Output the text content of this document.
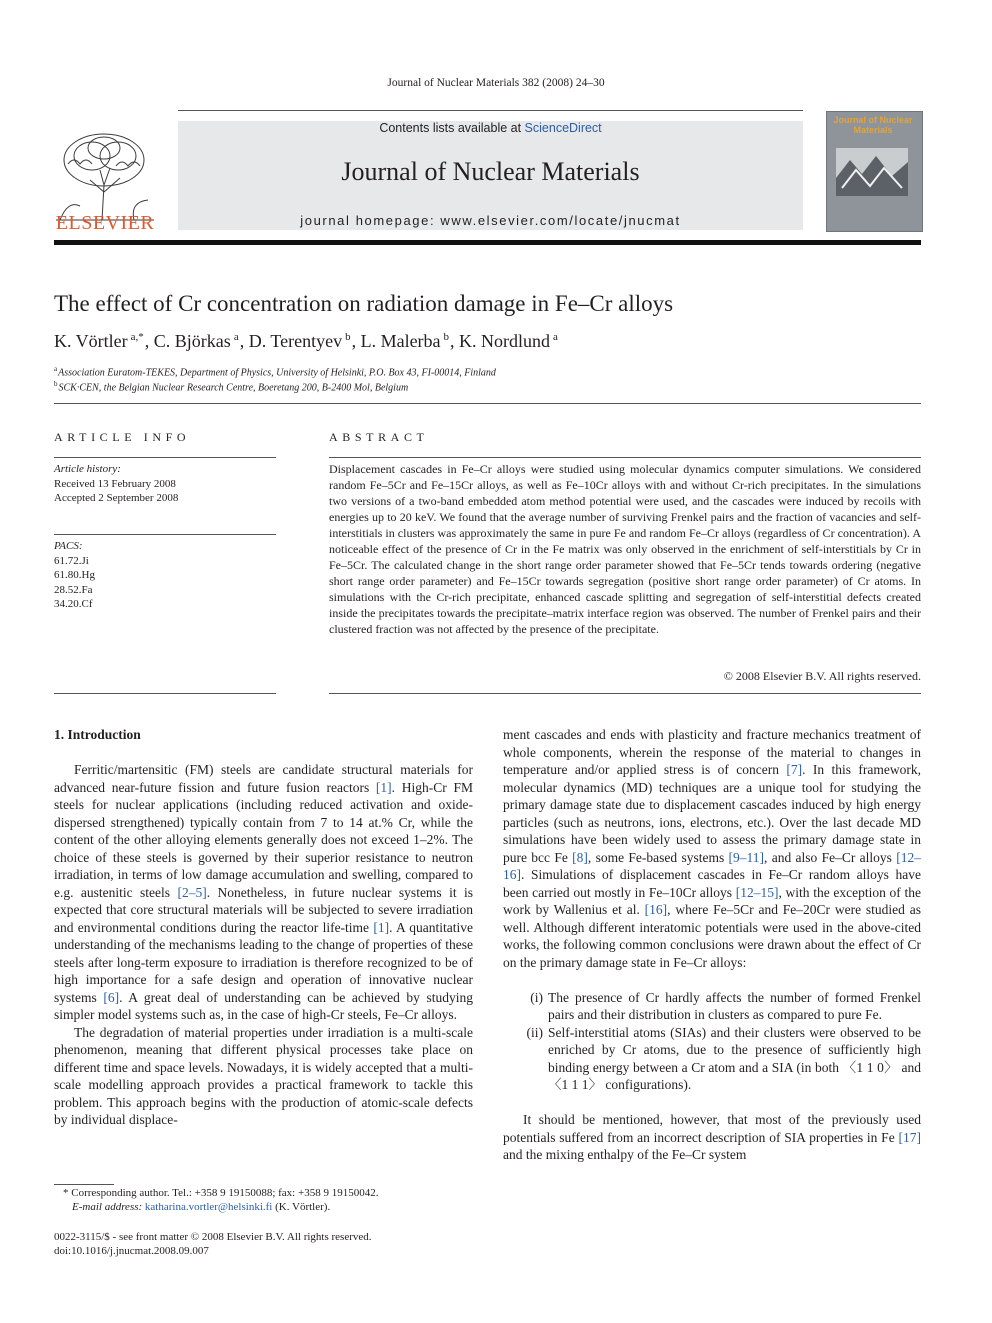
Journal of Nuclear Materials 382 (2008) 24–30
ELSEVIER
Contents lists available at ScienceDirect
Journal of Nuclear Materials
journal homepage: www.elsevier.com/locate/jnucmat
Journal of Nuclear Materials
The effect of Cr concentration on radiation damage in Fe–Cr alloys
K. Vörtler $^{a,*}$, C. Björkas $^a$, D. Terentyev $^b$, L. Malerba $^b$, K. Nordlund $^a$
$^a$Association Euratom-TEKES, Department of Physics, University of Helsinki, P.O. Box 43, FI-00014, Finland
$^b$SCK·CEN, the Belgian Nuclear Research Centre, Boeretang 200, B-2400 Mol, Belgium
ARTICLE INFO	ABSTRACT
Article history:
Received 13 February 2008
Accepted 2 September 2008
PACS:
61.72.Ji
61.80.Hg
28.52.Fa
34.20.Cf
Displacement cascades in Fe–Cr alloys were studied using molecular dynamics computer simulations. We considered random Fe–5Cr and Fe–15Cr alloys, as well as Fe–10Cr alloys with and without Cr-rich precipitates. In the simulations two versions of a two-band embedded atom method potential were used, and the cascades were induced by recoils with energies up to 20 keV. We found that the average number of surviving Frenkel pairs and the fraction of vacancies and self-interstitials in clusters was approximately the same in pure Fe and random Fe–Cr alloys (regardless of Cr concentration). A noticeable effect of the presence of Cr in the Fe matrix was only observed in the enrichment of self-interstitials by Cr in Fe–5Cr. The calculated change in the short range order parameter showed that Fe–5Cr tends towards ordering (negative short range order parameter) and Fe–15Cr towards segregation (positive short range order parameter) of Cr atoms. In simulations with the Cr-rich precipitate, enhanced cascade splitting and segregation of self-interstitial defects created inside the precipitates towards the precipitate–matrix interface region was observed. The number of Frenkel pairs and their clustered fraction was not affected by the presence of the precipitate.
© 2008 Elsevier B.V. All rights reserved.
1. Introduction

Ferritic/martensitic (FM) steels are candidate structural materials for advanced near-future fission and future fusion reactors [1]. High-Cr FM steels for nuclear applications (including reduced activation and oxide-dispersed strengthened) typically contain from 7 to 14 at.% Cr, while the content of the other alloying elements generally does not exceed 1–2%. The choice of these steels is governed by their superior resistance to neutron irradiation, in terms of low damage accumulation and swelling, compared to e.g. austenitic steels [2–5]. Nonetheless, in future nuclear systems it is expected that core structural materials will be subjected to severe irradiation and environmental conditions during the reactor life-time [1]. A quantitative understanding of the mechanisms leading to the change of properties of these steels after long-term exposure to irradiation is therefore recognized to be of high importance for a safe design and operation of innovative nuclear systems [6]. A great deal of understanding can be achieved by studying simpler model systems such as, in the case of high-Cr steels, Fe–Cr alloys.

The degradation of material properties under irradiation is a multi-scale phenomenon, meaning that different physical processes take place on different time and space levels. Nowadays, it is widely accepted that a multi-scale modelling approach provides a practical framework to tackle this problem. This approach begins with the production of atomic-scale defects by individual displace-

ment cascades and ends with plasticity and fracture mechanics treatment of whole components, wherein the response of the material to changes in temperature and/or applied stress is of concern [7]. In this framework, molecular dynamics (MD) techniques are a unique tool for studying the primary damage state due to displacement cascades induced by high energy particles (such as neutrons, ions, electrons, etc.). Over the last decade MD simulations have been widely used to assess the primary damage state in pure bcc Fe [8], some Fe-based systems [9–11], and also Fe–Cr alloys [12–16]. Simulations of displacement cascades in Fe–Cr random alloys have been carried out mostly in Fe–10Cr alloys [12–15], with the exception of the work by Wallenius et al. [16], where Fe–5Cr and Fe–20Cr were studied as well. Although different interatomic potentials were used in the above-cited works, the following common conclusions were drawn about the effect of Cr on the primary damage state in Fe–Cr alloys:

(i) The presence of Cr hardly affects the number of formed Frenkel pairs and their distribution in clusters as compared to pure Fe.
(ii) Self-interstitial atoms (SIAs) and their clusters were observed to be enriched by Cr atoms, due to the presence of sufficiently high binding energy between a Cr atom and a SIA (in both 〈1 1 0〉 and 〈1 1 1〉 configurations).

It should be mentioned, however, that most of the previously used potentials suffered from an incorrect description of SIA properties in Fe [17] and the mixing enthalpy of the Fe–Cr system

* Corresponding author. Tel.: +358 9 19150088; fax: +358 9 19150042.
E-mail address: katharina.vortler@helsinki.fi (K. Vörtler).
0022-3115/$ - see front matter © 2008 Elsevier B.V. All rights reserved.
doi:10.1016/j.jnucmat.2008.09.007
